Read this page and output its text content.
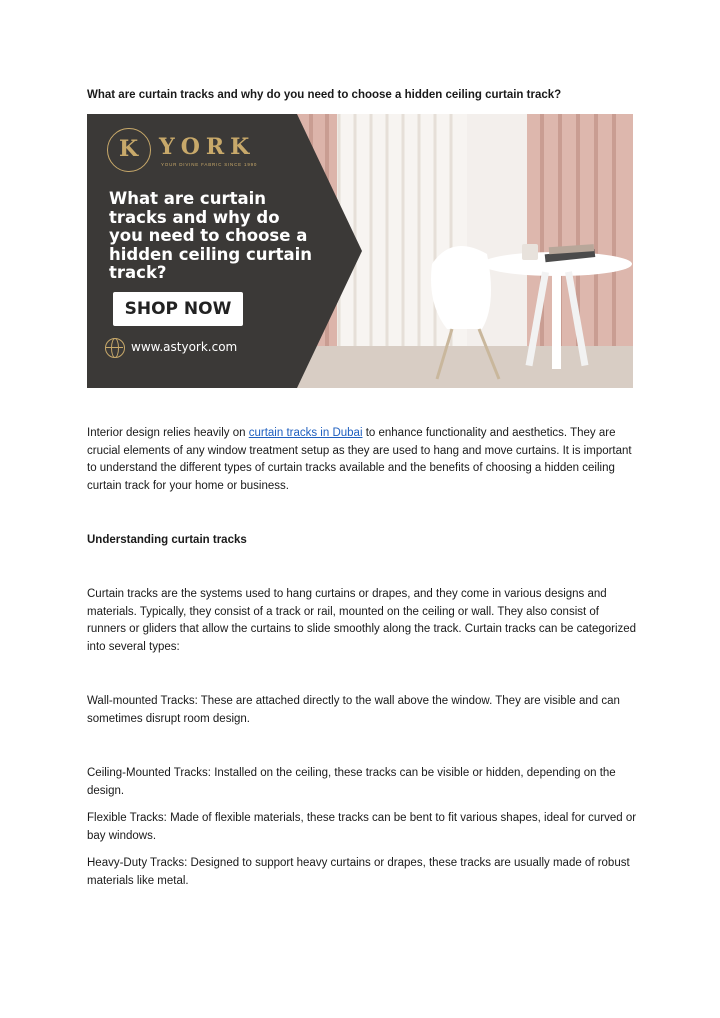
What are curtain tracks and why do you need to choose a hidden ceiling curtain track?
K YORK
YOUR DIVINE FABRIC SINCE 1990
What are curtain tracks and why do you need to choose a hidden ceiling curtain track?
SHOP NOW
www.astyork.com
Interior design relies heavily on curtain tracks in Dubai to enhance functionality and aesthetics. They are crucial elements of any window treatment setup as they are used to hang and move curtains. It is important to understand the different types of curtain tracks available and the benefits of choosing a hidden ceiling curtain track for your home or business.
Understanding curtain tracks
Curtain tracks are the systems used to hang curtains or drapes, and they come in various designs and materials. Typically, they consist of a track or rail, mounted on the ceiling or wall. They also consist of runners or gliders that allow the curtains to slide smoothly along the track. Curtain tracks can be categorized into several types:
Wall-mounted Tracks: These are attached directly to the wall above the window. They are visible and can sometimes disrupt room design.
Ceiling-Mounted Tracks: Installed on the ceiling, these tracks can be visible or hidden, depending on the design.
Flexible Tracks: Made of flexible materials, these tracks can be bent to fit various shapes, ideal for curved or bay windows.
Heavy-Duty Tracks: Designed to support heavy curtains or drapes, these tracks are usually made of robust materials like metal.
